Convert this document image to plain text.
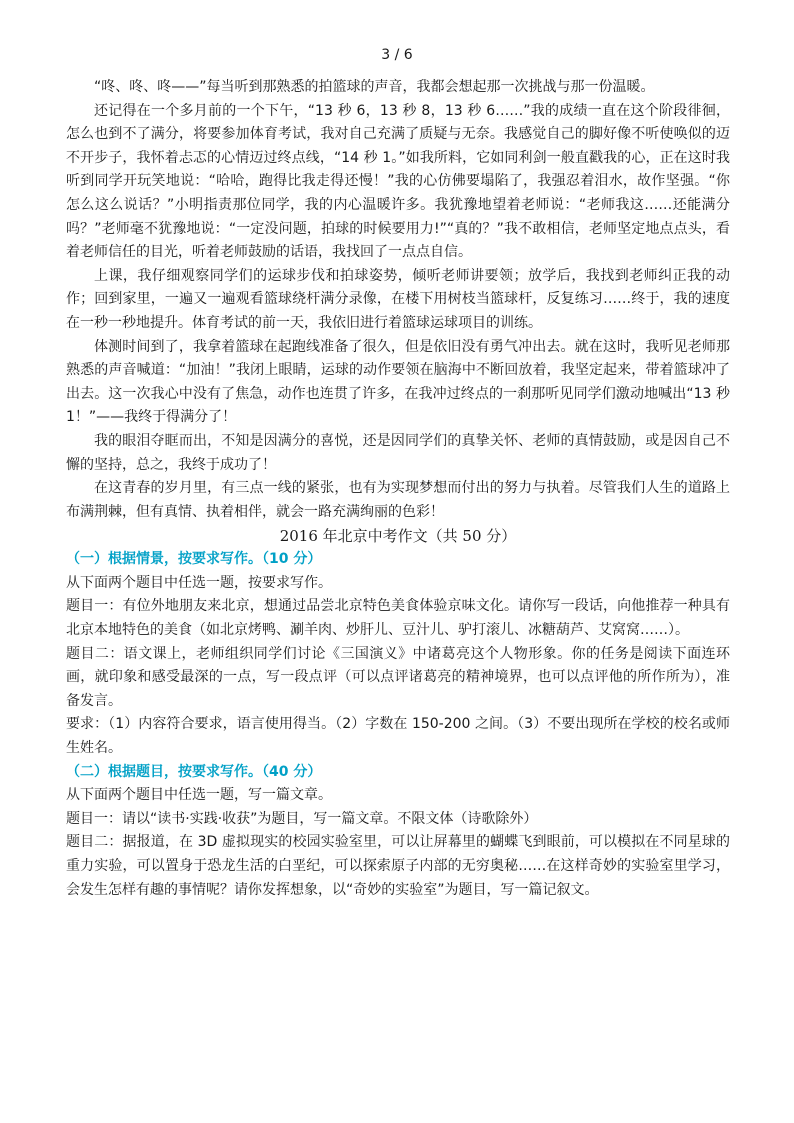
3 / 6

“咚、咚、咚——”每当听到那熟悉的拍篮球的声音，我都会想起那一次挑战与那一份温暖。

还记得在一个多月前的一个下午，“13 秒 6，13 秒 8，13 秒 6……”我的成绩一直在这个阶段徘徊，怎么也到不了满分，将要参加体育考试，我对自己充满了质疑与无奈。我感觉自己的脚好像不听使唤似的迈不开步子，我怀着忐忑的心情迈过终点线，“14 秒 1。”如我所料，它如同利剑一般直戳我的心，正在这时我听到同学开玩笑地说：“哈哈，跑得比我走得还慢！”我的心仿佛要塌陷了，我强忍着泪水，故作坚强。“你怎么这么说话？”小明指责那位同学，我的内心温暖许多。我犹豫地望着老师说：“老师我这……还能满分吗？”老师毫不犹豫地说：“一定没问题，拍球的时候要用力!”“真的？”我不敢相信，老师坚定地点点头，看着老师信任的目光，听着老师鼓励的话语，我找回了一点点自信。

上课，我仔细观察同学们的运球步伐和拍球姿势，倾听老师讲要领；放学后，我找到老师纠正我的动作；回到家里，一遍又一遍观看篮球绕杆满分录像，在楼下用树枝当篮球杆，反复练习……终于，我的速度在一秒一秒地提升。体育考试的前一天，我依旧进行着篮球运球项目的训练。

体测时间到了，我拿着篮球在起跑线准备了很久，但是依旧没有勇气冲出去。就在这时，我听见老师那熟悉的声音喊道：“加油！”我闭上眼睛，运球的动作要领在脑海中不断回放着，我坚定起来，带着篮球冲了出去。这一次我心中没有了焦急，动作也连贯了许多，在我冲过终点的一刹那听见同学们激动地喊出“13 秒 1！”——我终于得满分了！

我的眼泪夺眶而出，不知是因满分的喜悦，还是因同学们的真挚关怀、老师的真情鼓励，或是因自己不懈的坚持，总之，我终于成功了！

在这青春的岁月里，有三点一线的紧张，也有为实现梦想而付出的努力与执着。尽管我们人生的道路上布满荆棘，但有真情、执着相伴，就会一路充满绚丽的色彩！

2016 年北京中考作文（共 50 分）

（一）根据情景，按要求写作。（10 分）

从下面两个题目中任选一题，按要求写作。

题目一：有位外地朋友来北京，想通过品尝北京特色美食体验京味文化。请你写一段话，向他推荐一种具有北京本地特色的美食（如北京烤鸭、涮羊肉、炒肝儿、豆汁儿、驴打滚儿、冰糖葫芦、艾窝窝……）。

题目二：语文课上，老师组织同学们讨论《三国演义》中诸葛亮这个人物形象。你的任务是阅读下面连环画，就印象和感受最深的一点，写一段点评（可以点评诸葛亮的精神境界，也可以点评他的所作所为），准备发言。

要求：（1）内容符合要求，语言使用得当。（2）字数在 150-200 之间。（3）不要出现所在学校的校名或师生姓名。

（二）根据题目，按要求写作。（40 分）

从下面两个题目中任选一题，写一篇文章。

题目一：请以“读书·实践·收获”为题目，写一篇文章。不限文体（诗歌除外）

题目二：据报道，在 3D 虚拟现实的校园实验室里，可以让屏幕里的蝴蝶飞到眼前，可以模拟在不同星球的重力实验，可以置身于恐龙生活的白垩纪，可以探索原子内部的无穷奥秘……在这样奇妙的实验室里学习，会发生怎样有趣的事情呢？请你发挥想象，以“奇妙的实验室”为题目，写一篇记叙文。
